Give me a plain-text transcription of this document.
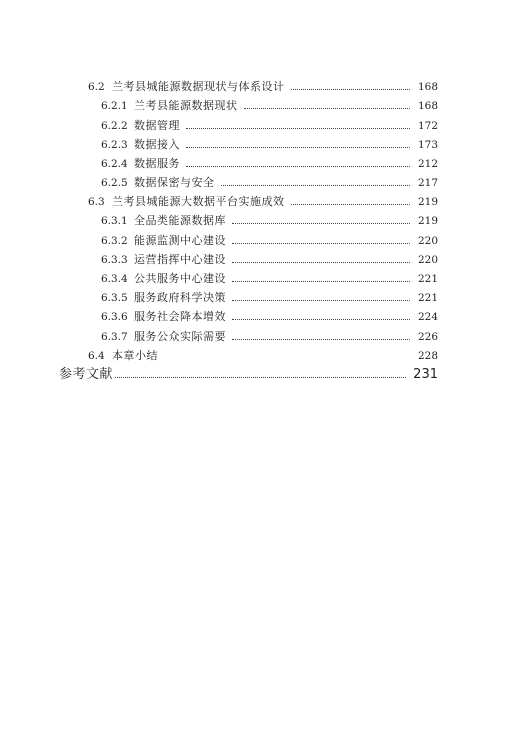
6.2 兰考县城能源数据现状与体系设计	168
6.2.1 兰考县能源数据现状	168
6.2.2 数据管理	172
6.2.3 数据接入	173
6.2.4 数据服务	212
6.2.5 数据保密与安全	217
6.3 兰考县城能源大数据平台实施成效	219
6.3.1 全品类能源数据库	219
6.3.2 能源监测中心建设	220
6.3.3 运营指挥中心建设	220
6.3.4 公共服务中心建设	221
6.3.5 服务政府科学决策	221
6.3.6 服务社会降本增效	224
6.3.7 服务公众实际需要	226
6.4 本章小结	228
参考文献	231
